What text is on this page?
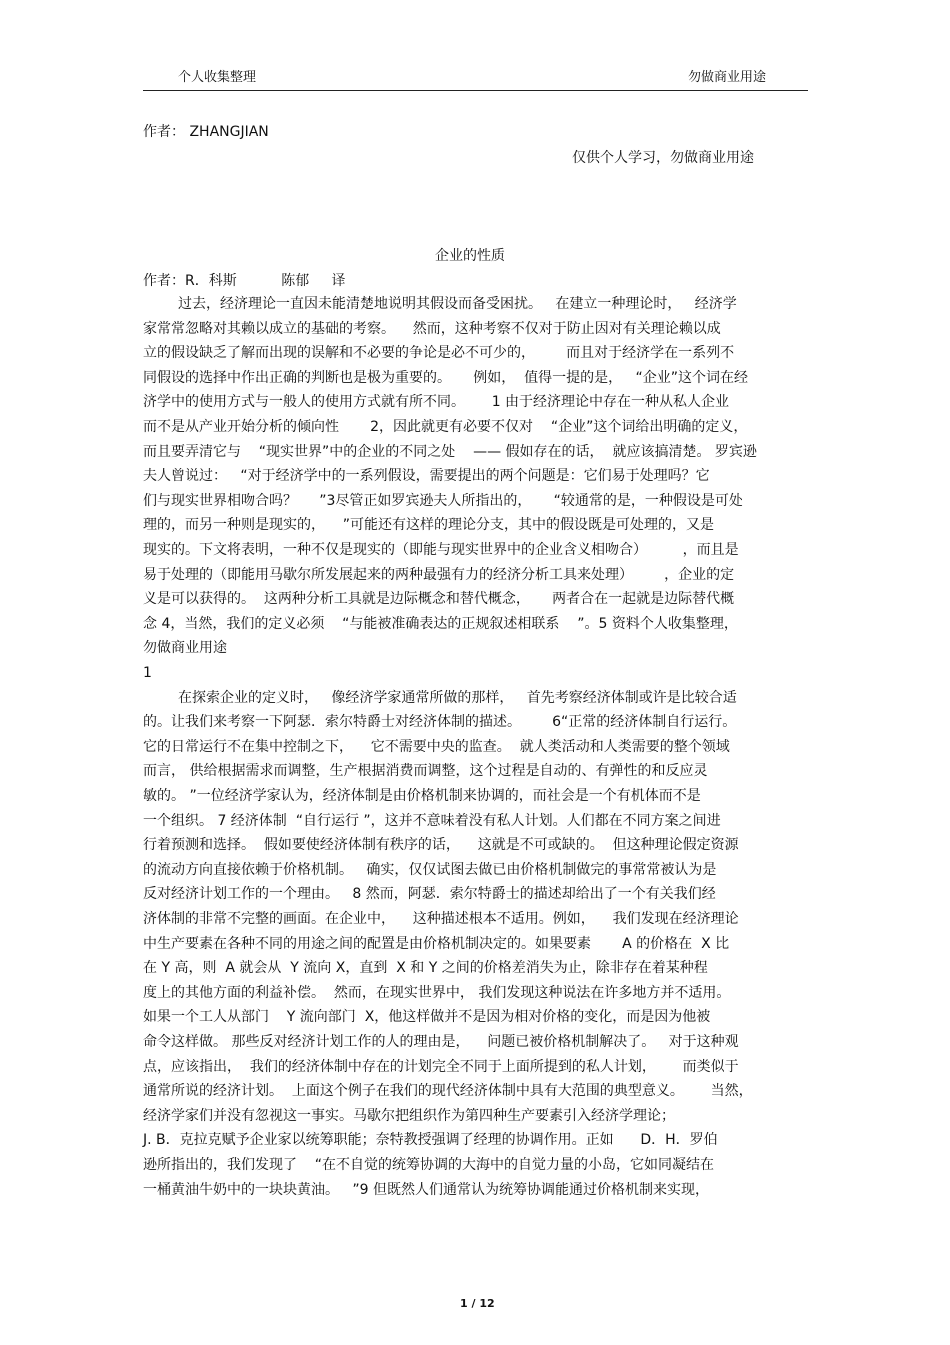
个人收集整理	勿做商业用途
作者： ZHANGJIAN
仅供个人学习，勿做商业用途
企业的性质
作者：R．科斯          陈郁     译
过去，经济理论一直因未能清楚地说明其假设而备受困扰。   在建立一种理论时，   经济学
家常常忽略对其赖以成立的基础的考察。    然而，这种考察不仅对于防止因对有关理论赖以成
立的假设缺乏了解而出现的误解和不必要的争论是必不可少的，       而且对于经济学在一系列不
同假设的选择中作出正确的判断也是极为重要的。     例如，  值得一提的是，   “企业”这个词在经
济学中的使用方式与一般人的使用方式就有所不同。      1 由于经济理论中存在一种从私人企业
而不是从产业开始分析的倾向性       2，因此就更有必要不仅对    “企业”这个词给出明确的定义，
而且要弄清它与    “现实世界”中的企业的不同之处    —— 假如存在的话，  就应该搞清楚。 罗宾逊
夫人曾说过：   “对于经济学中的一系列假设，需要提出的两个问题是：它们易于处理吗？它
们与现实世界相吻合吗？     ”3尽管正如罗宾逊夫人所指出的，     “较通常的是，一种假设是可处
理的，而另一种则是现实的，    ”可能还有这样的理论分支，其中的假设既是可处理的，又是
现实的。下文将表明，一种不仅是现实的（即能与现实世界中的企业含义相吻合）        ，而且是
易于处理的（即能用马歇尔所发展起来的两种最强有力的经济分析工具来处理）       ，企业的定
义是可以获得的。  这两种分析工具就是边际概念和替代概念，     两者合在一起就是边际替代概
念 4，当然，我们的定义必须    “与能被准确表达的正规叙述相联系    ”。5 资料个人收集整理，
勿做商业用途
1
在探索企业的定义时，   像经济学家通常所做的那样，   首先考察经济体制或许是比较合适
的。让我们来考察一下阿瑟．索尔特爵士对经济体制的描述。       6“正常的经济体制自行运行。
它的日常运行不在集中控制之下，    它不需要中央的监查。  就人类活动和人类需要的整个领域
而言， 供给根据需求而调整，生产根据消费而调整，这个过程是自动的、有弹性的和反应灵
敏的。 ”一位经济学家认为，经济体制是由价格机制来协调的，而社会是一个有机体而不是
一个组织。 7 经济体制  “自行运行 ”，这并不意味着没有私人计划。人们都在不同方案之间进
行着预测和选择。  假如要使经济体制有秩序的话，    这就是不可或缺的。  但这种理论假定资源
的流动方向直接依赖于价格机制。   确实，仅仅试图去做已由价格机制做完的事常常被认为是
反对经济计划工作的一个理由。   8 然而，阿瑟．索尔特爵士的描述却给出了一个有关我们经
济体制的非常不完整的画面。在企业中，    这种描述根本不适用。例如，    我们发现在经济理论
中生产要素在各种不同的用途之间的配置是由价格机制决定的。如果要素       A 的价格在  X 比
在 Y 高，则  A 就会从  Y 流向 X，直到  X 和 Y 之间的价格差消失为止，除非存在着某种程
度上的其他方面的利益补偿。  然而，在现实世界中， 我们发现这种说法在许多地方并不适用。
如果一个工人从部门    Y 流向部门  X，他这样做并不是因为相对价格的变化，而是因为他被
命令这样做。 那些反对经济计划工作的人的理由是，    问题已被价格机制解决了。   对于这种观
点，应该指出，  我们的经济体制中存在的计划完全不同于上面所提到的私人计划，      而类似于
通常所说的经济计划。  上面这个例子在我们的现代经济体制中具有大范围的典型意义。      当然，
经济学家们并没有忽视这一事实。马歇尔把组织作为第四种生产要素引入经济学理论；
J. B．克拉克赋予企业家以统筹职能；奈特教授强调了经理的协调作用。正如      D．H．罗伯
逊所指出的，我们发现了    “在不自觉的统筹协调的大海中的自觉力量的小岛，它如同凝结在
一桶黄油牛奶中的一块块黄油。   ”9 但既然人们通常认为统筹协调能通过价格机制来实现，
1 / 12
